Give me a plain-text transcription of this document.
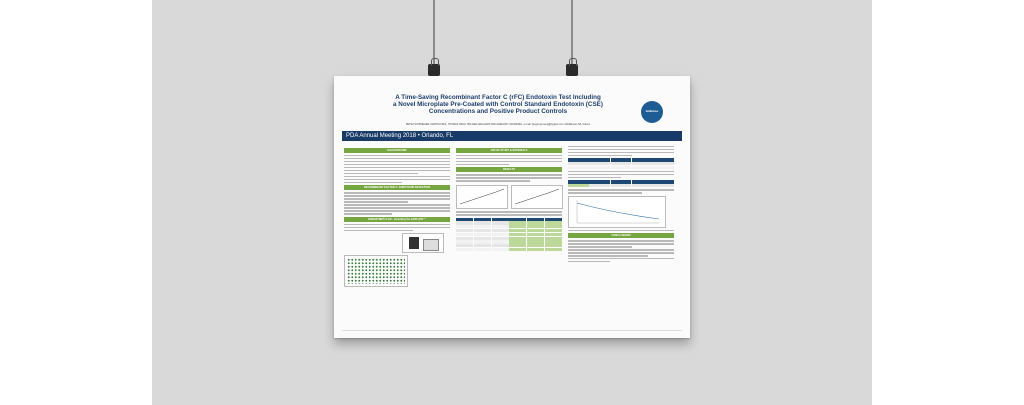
A Time-Saving Recombinant Factor C (rFC) Endotoxin Test Including
a Novel Microplate Pre-Coated with Control Standard Endotoxin (CSE)
Concentrations and Positive Product Controls
PETRA SCHWIEGER, MARTIN KRÜL, THOMAS HALM, HOLGER GRALLERT AND GREGORY GRUNENIG • e-mail: gregor.grunenig@hyglos.com • BioMerieux SA, France
bioMérieux
PDA Annual Meeting 2018 • Orlando, FL
BACKGROUND
RECOMBINANT FACTOR C: ENDOTOXIN DETECTION
ENDOZYME® II GO - Including the GOPLATE™
AIM OF STUDY & MATERIALS
RESULTS
CONCLUSIONS
